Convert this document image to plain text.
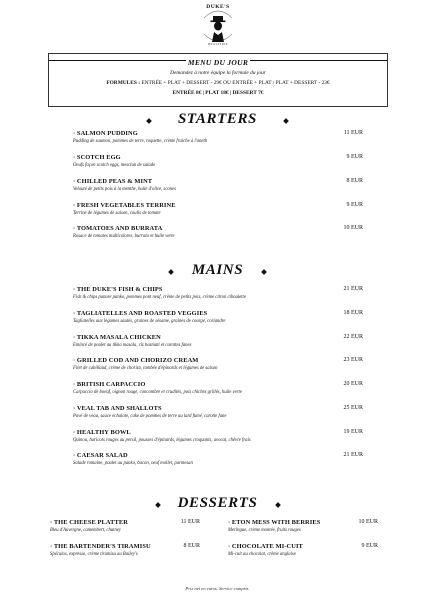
DUKE'S
BRASSERIE
MENU DU JOUR
Demandez à notre équipe la formule du jour
FORMULES : ENTRÉE + PLAT + DESSERT - 29€ OU ENTRÉE + PLAT / PLAT + DESSERT - 23€
ENTRÉE 8€ | PLAT 18€ | DESSERT 7€
STARTERS
· SALMON PUDDING
Pudding de saumon, pommes de terre, roquette, crème fraiche à l'aneth
11 EUR
· SCOTCH EGG
Oeufs façon scotch eggs, mesclun de salade
9 EUR
· CHILLED PEAS & MINT
Velouté de petits pois à la menthe, huile d'olive, scones
8 EUR
· FRESH VEGETABLES TERRINE
Terrine de légumes de saison, coulis de tomate
9 EUR
· TOMATOES AND BURRATA
Rosace de tomates multicolores, burrata et huile verte
10 EUR
MAINS
· THE DUKE'S FISH & CHIPS
Fish & chips panure panko, pommes pont neuf, crème de petits pois, crème citron ciboulette
21 EUR
· TAGLIATELLES AND ROASTED VEGGIES
Tagliatelles aux légumes sautés, graines de sésame, graines de courge, coriandre
18 EUR
· TIKKA MASALA CHICKEN
Emincé de poulet au tikka masala, riz basmati et carottes fanes
22 EUR
· GRILLED COD AND CHORIZO CREAM
Filet de cabillaud, crème de chorizo, tombée d'épinards et légumes de saison
23 EUR
· BRITISH CARPACCIO
Carpaccio de boeuf, oignon rouge, concombre et crudités, pois chiches grillés, huile verte
20 EUR
· VEAL TAB AND SHALLOTS
Pavé de veau, sauce échalote, cake de pommes de terre au lard fumé, carotte fane
25 EUR
· HEALTHY BOWL
Quinoa, haricots rouges au persil, pousses d'épinards, légumes croquants, avocat, chèvre frais
19 EUR
· CAESAR SALAD
Salade romaine, poulet au panko, bacon, oeuf mollet, parmesan
21 EUR
DESSERTS
· THE CHEESE PLATTER
Bleu d'Auvergne, camembert, chutney
11 EUR	· ETON MESS WITH BERRIES
Meringue, crème montée, fruits rouges
10 EUR
· THE BARTENDER'S TIRAMISU
Spéculos, expresso, crème tiramisu au Bailey's
8 EUR	· CHOCOLATE MI-CUIT
Mi-cuit au chocolat, crème anglaise
9 EUR
Prix net en euros. Service compris.
